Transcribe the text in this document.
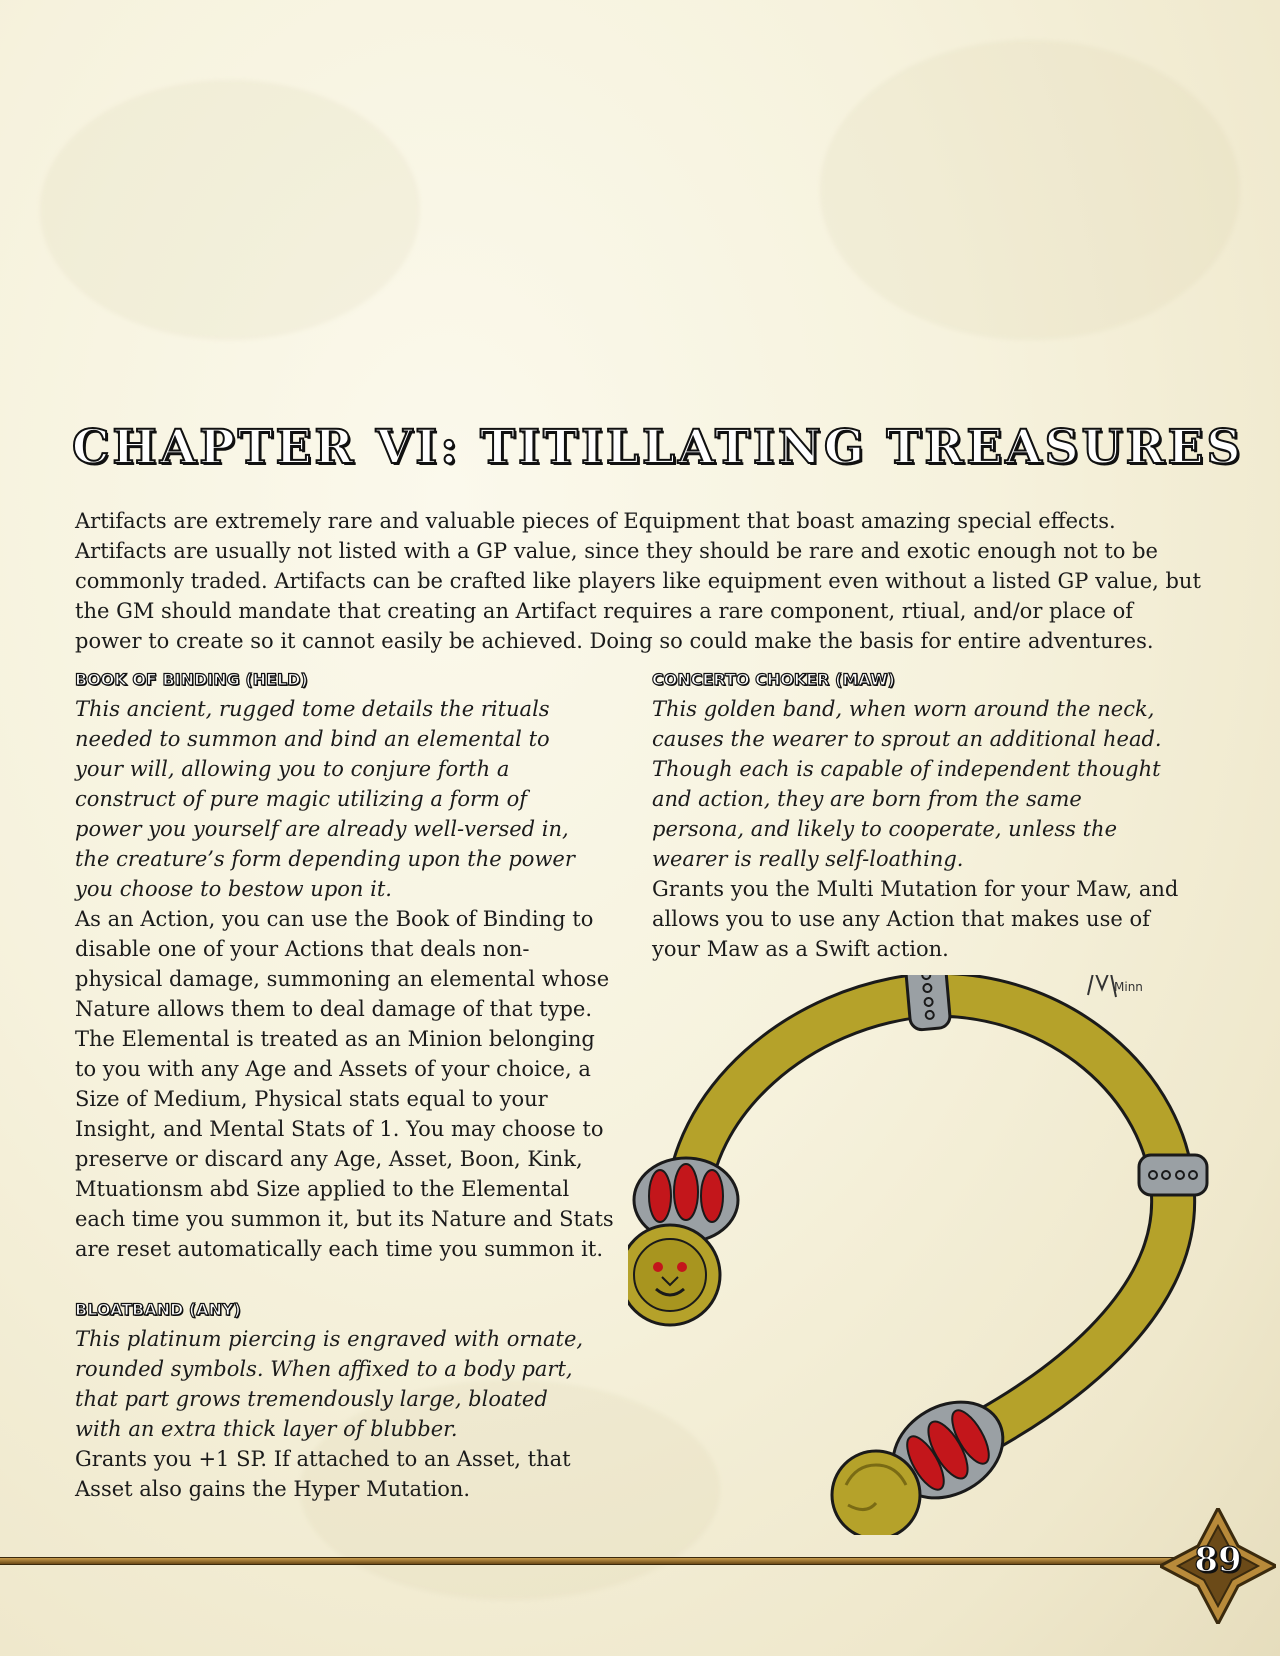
CHAPTER VI: TITILLATING TREASURES

Artifacts are extremely rare and valuable pieces of Equipment that boast amazing special effects. Artifacts are usually not listed with a GP value, since they should be rare and exotic enough not to be commonly traded. Artifacts can be crafted like players like equipment even without a listed GP value, but the GM should mandate that creating an Artifact requires a rare component, rtiual, and/or place of power to create so it cannot easily be achieved. Doing so could make the basis for entire adventures.

BOOK OF BINDING (HELD)

This ancient, rugged tome details the rituals needed to summon and bind an elemental to your will, allowing you to conjure forth a construct of pure magic utilizing a form of power you yourself are already well-versed in, the creature’s form depending upon the power you choose to bestow upon it.

As an Action, you can use the Book of Binding to disable one of your Actions that deals non-physical damage, summoning an elemental whose Nature allows them to deal damage of that type. The Elemental is treated as an Minion belonging to you with any Age and Assets of your choice, a Size of Medium, Physical stats equal to your Insight, and Mental Stats of 1. You may choose to preserve or discard any Age, Asset, Boon, Kink, Mtuationsm abd Size applied to the Elemental each time you summon it, but its Nature and Stats are reset automatically each time you summon it.

BLOATBAND (ANY)

This platinum piercing is engraved with ornate, rounded symbols. When affixed to a body part, that part grows tremendously large, bloated with an extra thick layer of blubber.

Grants you +1 SP. If attached to an Asset, that Asset also gains the Hyper Mutation.

CONCERTO CHOKER (MAW)

This golden band, when worn around the neck, causes the wearer to sprout an additional head. Though each is capable of independent thought and action, they are born from the same persona, and likely to cooperate, unless the wearer is really self-loathing.

Grants you the Multi Mutation for your Maw, and allows you to use any Action that makes use of your Maw as a Swift action.

Minn
89
